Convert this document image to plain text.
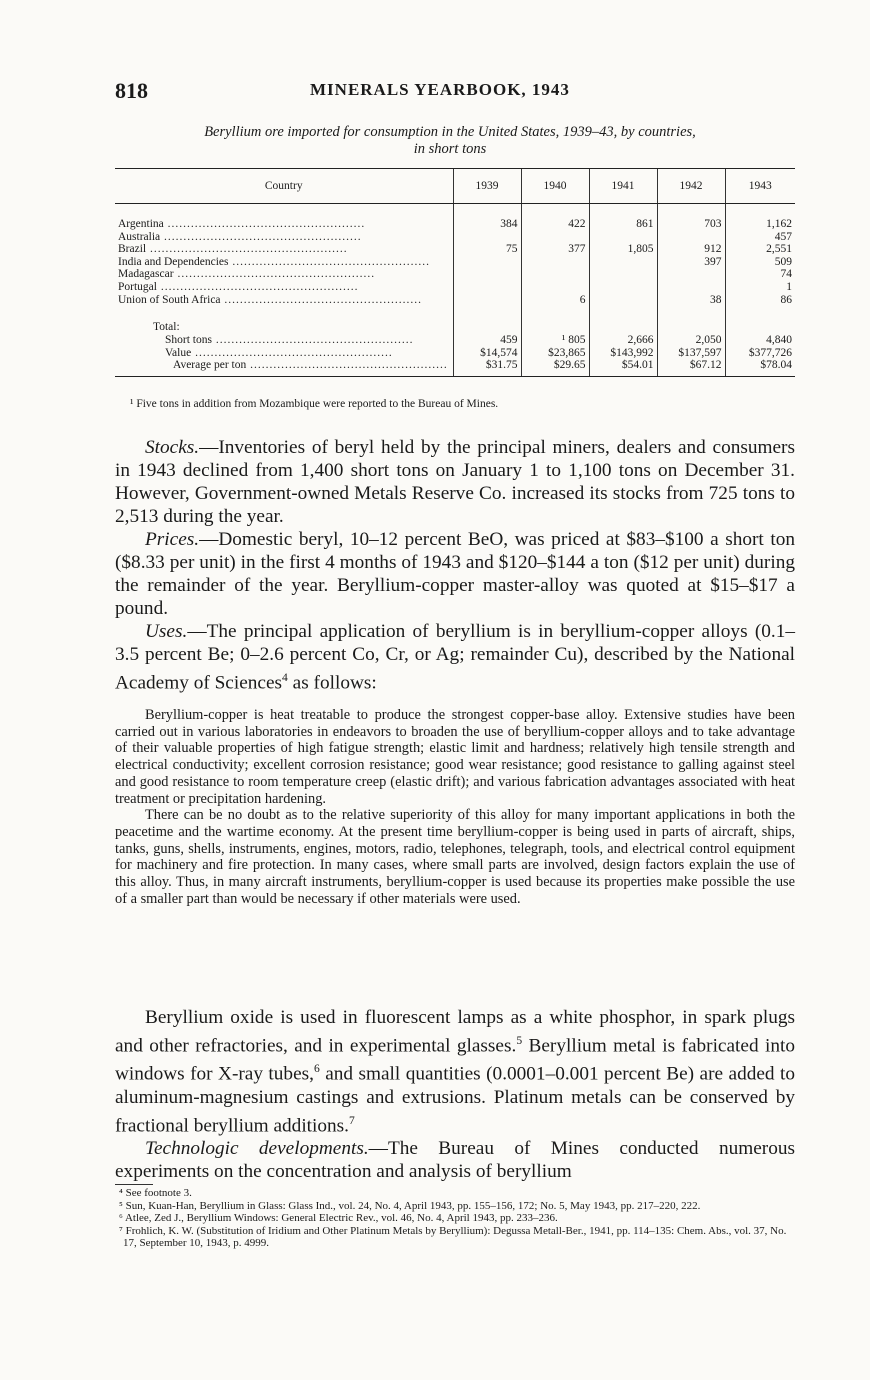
818	MINERALS YEARBOOK, 1943
Beryllium ore imported for consumption in the United States, 1939–43, by countries,
in short tons
Country	1939	1940	1941	1942	1943

Argentina .....	384	422	861	703	1,162
Australia .....					457
Brazil .....	75	377	1,805	912	2,551
India and Dependencies .....				397	509
Madagascar .....					74
Portugal .....					1
Union of South Africa .....		6		38	86

Total:					
Short tons .....	459	¹ 805	2,666	2,050	4,840
Value .....	$14,574	$23,865	$143,992	$137,597	$377,726
Average per ton .....	$31.75	$29.65	$54.01	$67.12	$78.04
¹ Five tons in addition from Mozambique were reported to the Bureau of Mines.

Stocks.—Inventories of beryl held by the principal miners, dealers and consumers in 1943 declined from 1,400 short tons on January 1 to 1,100 tons on December 31. However, Government-owned Metals Reserve Co. increased its stocks from 725 tons to 2,513 during the year.

Prices.—Domestic beryl, 10–12 percent BeO, was priced at $83–$100 a short ton ($8.33 per unit) in the first 4 months of 1943 and $120–$144 a ton ($12 per unit) during the remainder of the year. Beryllium-copper master-alloy was quoted at $15–$17 a pound.

Uses.—The principal application of beryllium is in beryllium-copper alloys (0.1–3.5 percent Be; 0–2.6 percent Co, Cr, or Ag; remainder Cu), described by the National Academy of Sciences$^4$ as follows:

Beryllium-copper is heat treatable to produce the strongest copper-base alloy. Extensive studies have been carried out in various laboratories in endeavors to broaden the use of beryllium-copper alloys and to take advantage of their valuable properties of high fatigue strength; elastic limit and hardness; relatively high tensile strength and electrical conductivity; excellent corrosion resistance; good wear resistance; good resistance to galling against steel and good resistance to room temperature creep (elastic drift); and various fabrication advantages associated with heat treatment or precipitation hardening.

There can be no doubt as to the relative superiority of this alloy for many important applications in both the peacetime and the wartime economy. At the present time beryllium-copper is being used in parts of aircraft, ships, tanks, guns, shells, instruments, engines, motors, radio, telephones, telegraph, tools, and electrical control equipment for machinery and fire protection. In many cases, where small parts are involved, design factors explain the use of this alloy. Thus, in many aircraft instruments, beryllium-copper is used because its properties make possible the use of a smaller part than would be necessary if other materials were used.

Beryllium oxide is used in fluorescent lamps as a white phosphor, in spark plugs and other refractories, and in experimental glasses.$^5$ Beryllium metal is fabricated into windows for X-ray tubes,$^6$ and small quantities (0.0001–0.001 percent Be) are added to aluminum-magnesium castings and extrusions. Platinum metals can be conserved by fractional beryllium additions.$^7$

Technologic developments.—The Bureau of Mines conducted numerous experiments on the concentration and analysis of beryllium

⁴ See footnote 3.

⁵ Sun, Kuan-Han, Beryllium in Glass: Glass Ind., vol. 24, No. 4, April 1943, pp. 155–156, 172; No. 5, May 1943, pp. 217–220, 222.

⁶ Atlee, Zed J., Beryllium Windows: General Electric Rev., vol. 46, No. 4, April 1943, pp. 233–236.

⁷ Frohlich, K. W. (Substitution of Iridium and Other Platinum Metals by Beryllium): Degussa Metall-Ber., 1941, pp. 114–135: Chem. Abs., vol. 37, No. 17, September 10, 1943, p. 4999.
